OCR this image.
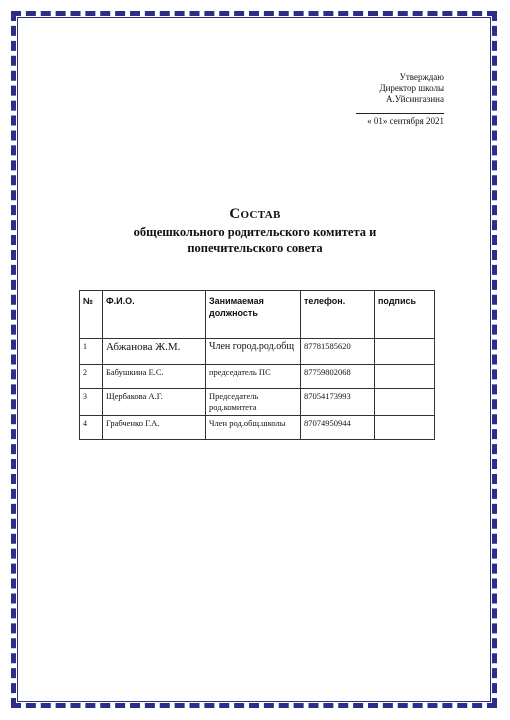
Утверждаю
Директор школы
А.Уйсингазина
« 01» сентября 2021
Состав
общешкольного родительского комитета и
попечительского совета
№	Ф.И.О.	Занимаемая должность	телефон.	подпись
1	Абжанова Ж.М.	Член город.род.общ	87781585620	
2	Бабушкина Е.С.	председатель ПС	87759802068	
3	Щербакова А.Г.	Председатель род.комитета	87054173993	
4	Грабченко Г.А.	Член род.общ.школы	87074950944	
